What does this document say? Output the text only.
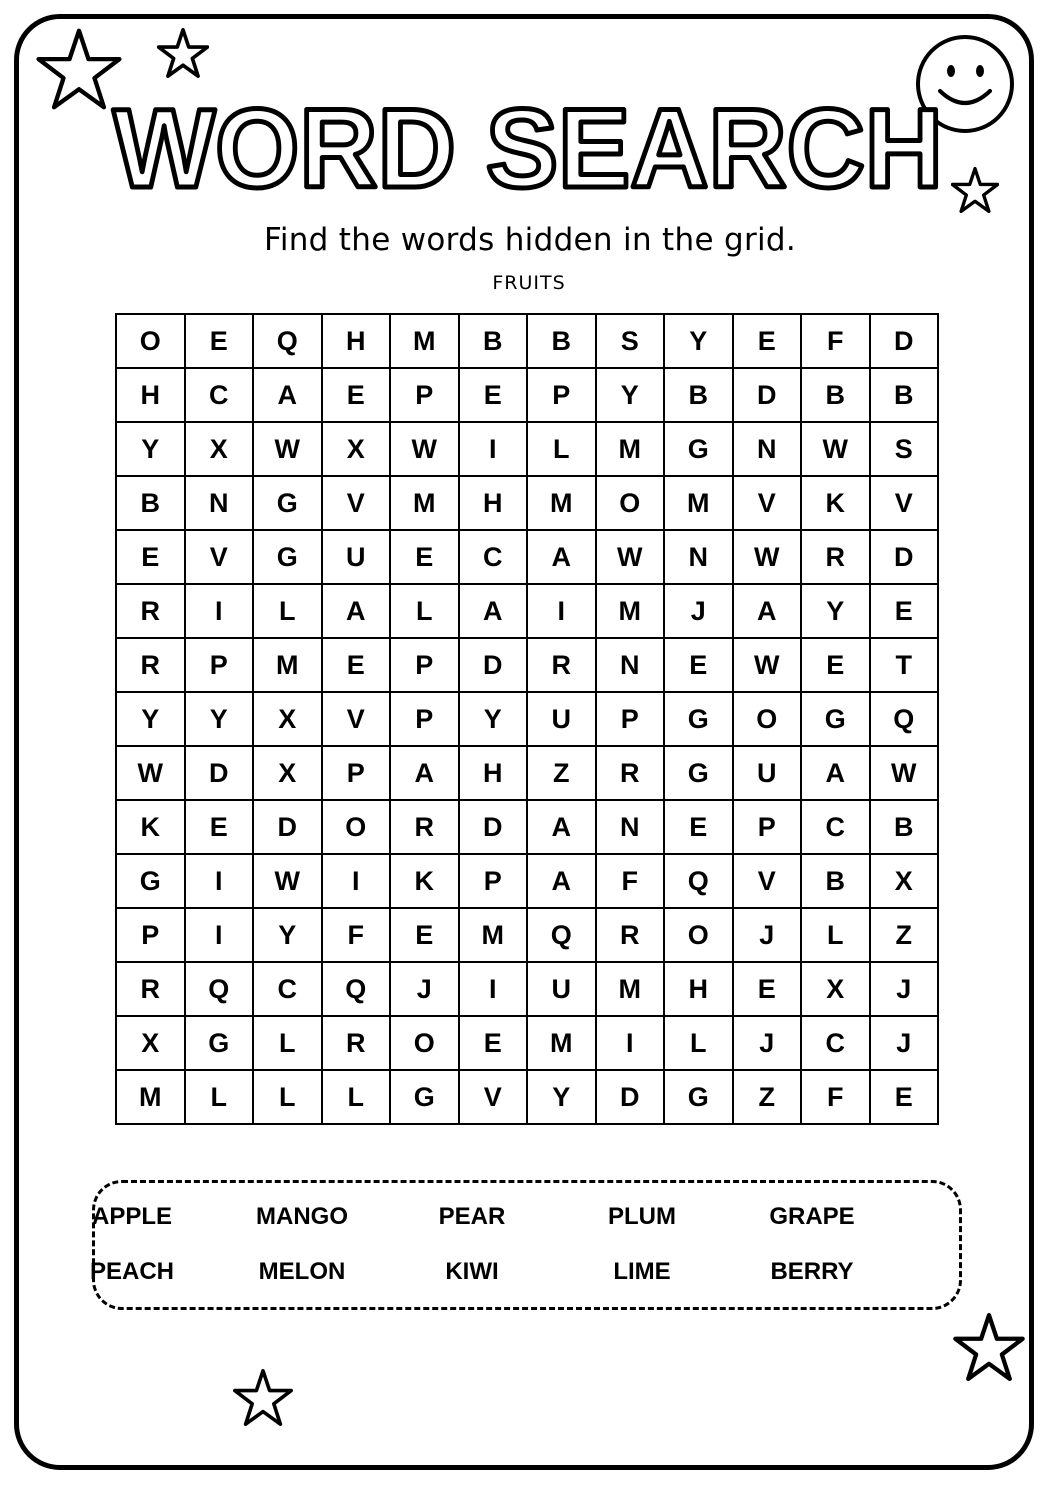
WORD SEARCH
Find the words hidden in the grid.
FRUITS
O	E	Q	H	M	B	B	S	Y	E	F	D
H	C	A	E	P	E	P	Y	B	D	B	B
Y	X	W	X	W	I	L	M	G	N	W	S
B	N	G	V	M	H	M	O	M	V	K	V
E	V	G	U	E	C	A	W	N	W	R	D
R	I	L	A	L	A	I	M	J	A	Y	E
R	P	M	E	P	D	R	N	E	W	E	T
Y	Y	X	V	P	Y	U	P	G	O	G	Q
W	D	X	P	A	H	Z	R	G	U	A	W
K	E	D	O	R	D	A	N	E	P	C	B
G	I	W	I	K	P	A	F	Q	V	B	X
P	I	Y	F	E	M	Q	R	O	J	L	Z
R	Q	C	Q	J	I	U	M	H	E	X	J
X	G	L	R	O	E	M	I	L	J	C	J
M	L	L	L	G	V	Y	D	G	Z	F	E
APPLE	MANGO	PEAR	PLUM	GRAPE
PEACH	MELON	KIWI	LIME	BERRY
